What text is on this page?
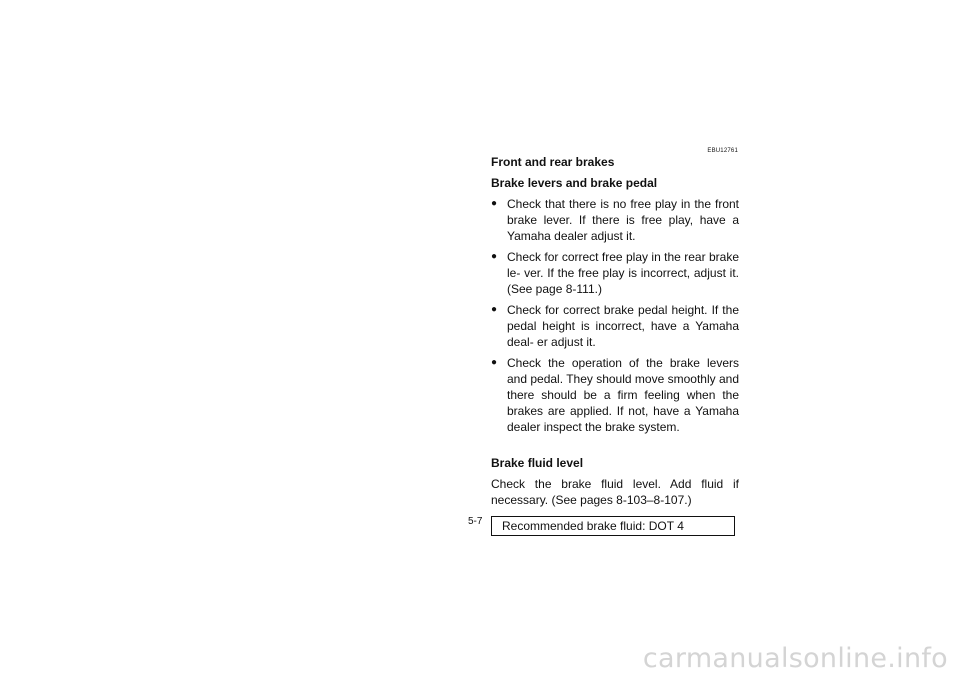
EBU12761
Front and rear brakes
Brake levers and brake pedal
● Check that there is no free play in the front brake lever. If there is free play, have a Yamaha dealer adjust it.
● Check for correct free play in the rear brake le- ver. If the free play is incorrect, adjust it. (See page 8-111.)
● Check for correct brake pedal height. If the pedal height is incorrect, have a Yamaha deal- er adjust it.
● Check the operation of the brake levers and pedal. They should move smoothly and there should be a firm feeling when the brakes are applied. If not, have a Yamaha dealer inspect the brake system.
Brake fluid level

Check the brake fluid level. Add fluid if necessary. (See pages 8-103–8-107.)

Recommended brake fluid: DOT 4
5-7
carmanualsonline.info
